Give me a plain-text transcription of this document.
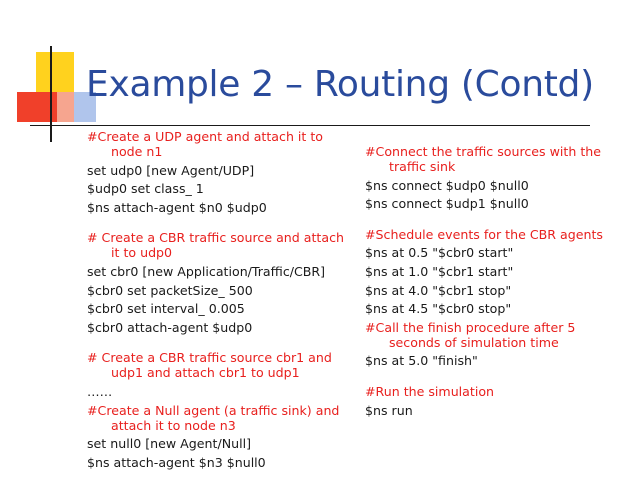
Example 2 – Routing (Contd)
#Create a UDP agent and attach it to node n1
set udp0 [new Agent/UDP]
$udp0 set class_ 1
$ns attach-agent $n0 $udp0
# Create a CBR traffic source and attach it to udp0
set cbr0 [new Application/Traffic/CBR]
$cbr0 set packetSize_ 500
$cbr0 set interval_ 0.005
$cbr0 attach-agent $udp0
# Create a CBR traffic source cbr1 and udp1 and attach cbr1 to udp1
……
#Create a Null agent (a traffic sink) and attach it to node n3
set null0 [new Agent/Null]
$ns attach-agent $n3 $null0
#Connect the traffic sources with the traffic sink
$ns connect $udp0 $null0
$ns connect $udp1 $null0
#Schedule events for the CBR agents
$ns at 0.5 "$cbr0 start"
$ns at 1.0 "$cbr1 start"
$ns at 4.0 "$cbr1 stop"
$ns at 4.5 "$cbr0 stop"
#Call the finish procedure after 5 seconds of simulation time
$ns at 5.0 "finish"
#Run the simulation
$ns run
